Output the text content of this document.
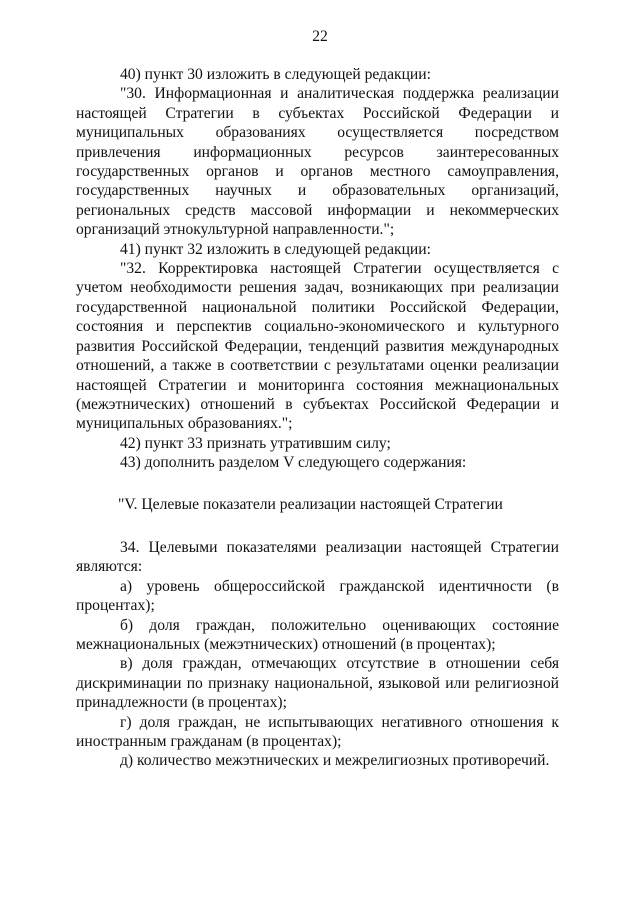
22

40) пункт 30 изложить в следующей редакции:

"30. Информационная и аналитическая поддержка реализации настоящей Стратегии в субъектах Российской Федерации и муниципальных образованиях осуществляется посредством привлечения информационных ресурсов заинтересованных государственных органов и органов местного самоуправления, государственных научных и образовательных организаций, региональных средств массовой информации и некоммерческих организаций этнокультурной направленности.";

41) пункт 32 изложить в следующей редакции:

"32. Корректировка настоящей Стратегии осуществляется с учетом необходимости решения задач, возникающих при реализации государственной национальной политики Российской Федерации, состояния и перспектив социально-экономического и культурного развития Российской Федерации, тенденций развития международных отношений, а также в соответствии с результатами оценки реализации настоящей Стратегии и мониторинга состояния межнациональных (межэтнических) отношений в субъектах Российской Федерации и муниципальных образованиях.";

42) пункт 33 признать утратившим силу;

43) дополнить разделом V следующего содержания:

"V. Целевые показатели реализации настоящей Стратегии

34. Целевыми показателями реализации настоящей Стратегии являются:

а) уровень общероссийской гражданской идентичности (в процентах);

б) доля граждан, положительно оценивающих состояние межнациональных (межэтнических) отношений (в процентах);

в) доля граждан, отмечающих отсутствие в отношении себя дискриминации по признаку национальной, языковой или религиозной принадлежности (в процентах);

г) доля граждан, не испытывающих негативного отношения к иностранным гражданам (в процентах);

д) количество межэтнических и межрелигиозных противоречий.
